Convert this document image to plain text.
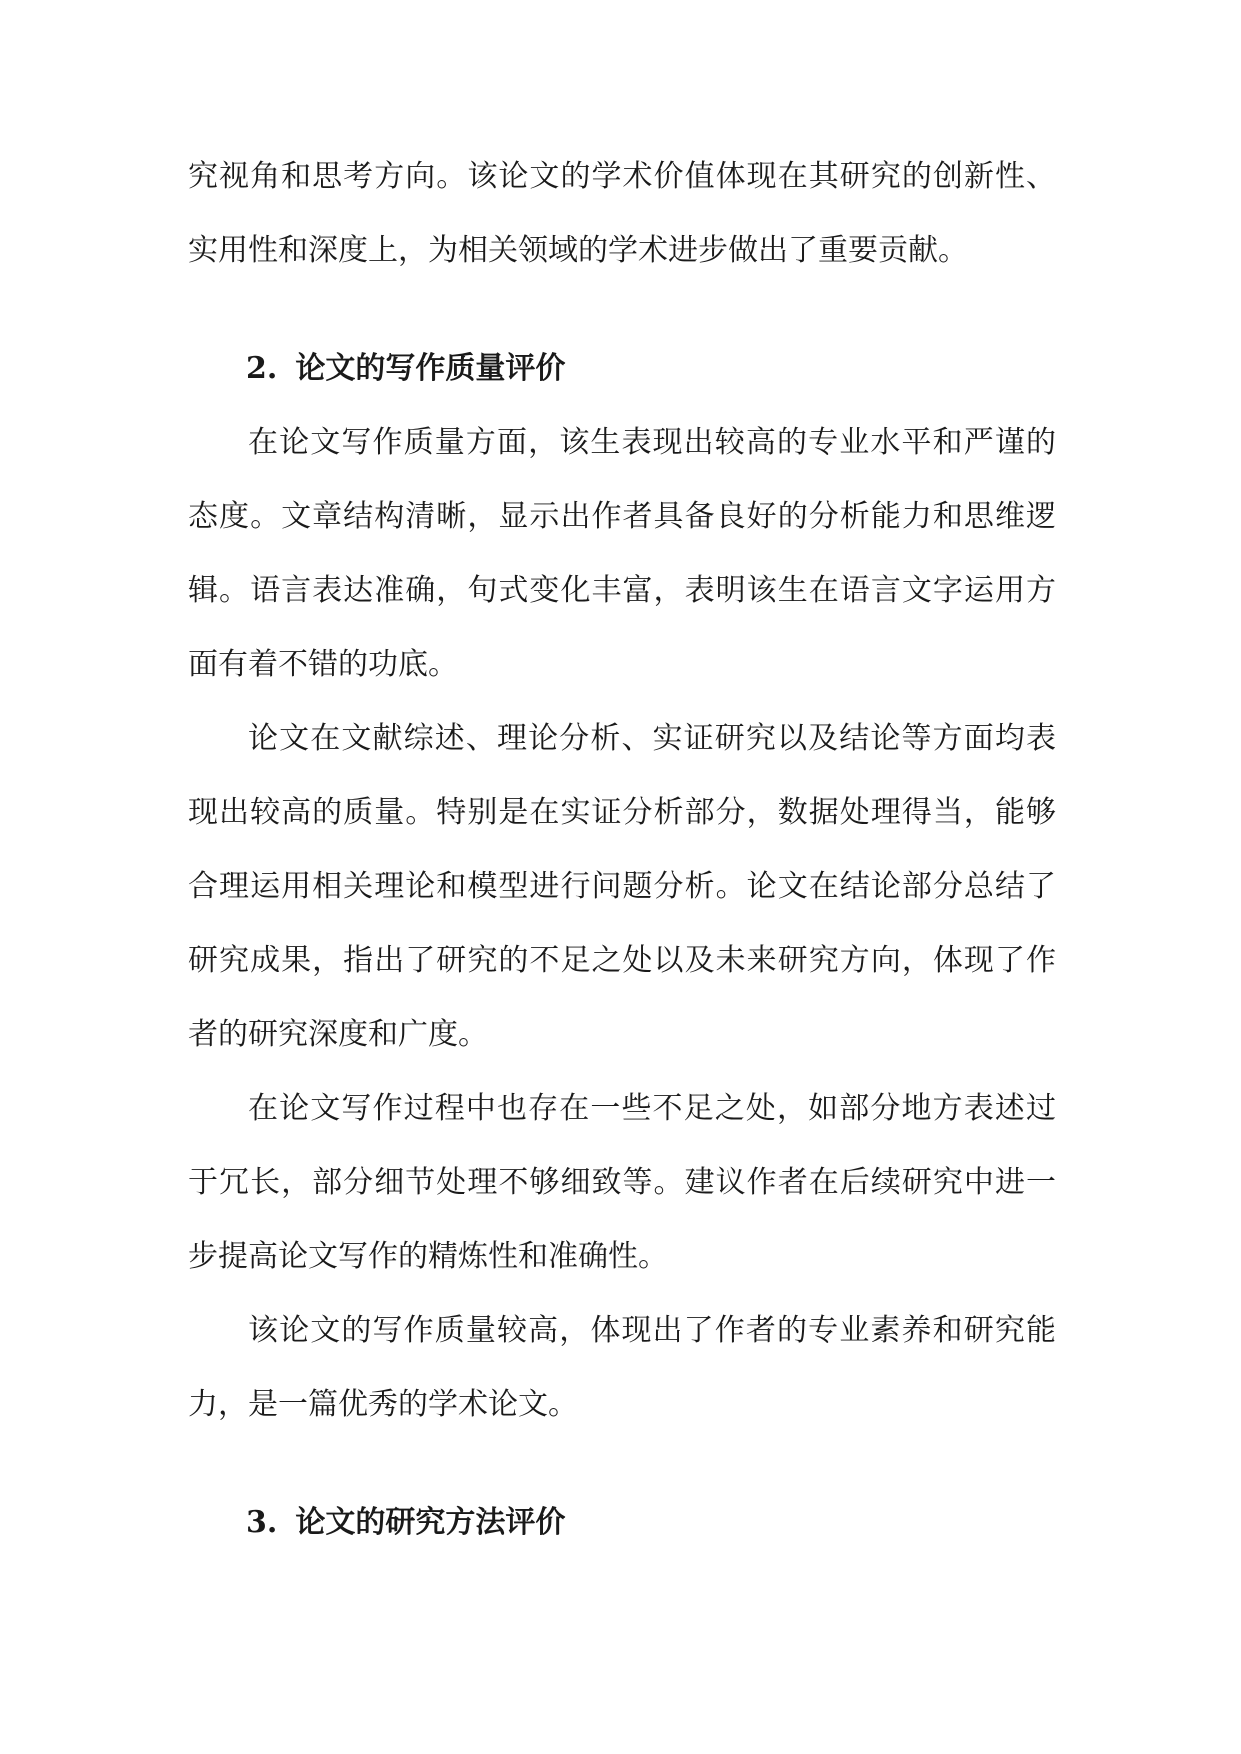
究视角和思考方向。该论文的学术价值体现在其研究的创新性、实用性和深度上，为相关领域的学术进步做出了重要贡献。

2. 论文的写作质量评价

在论文写作质量方面，该生表现出较高的专业水平和严谨的态度。文章结构清晰，显示出作者具备良好的分析能力和思维逻辑。语言表达准确，句式变化丰富，表明该生在语言文字运用方面有着不错的功底。

论文在文献综述、理论分析、实证研究以及结论等方面均表现出较高的质量。特别是在实证分析部分，数据处理得当，能够合理运用相关理论和模型进行问题分析。论文在结论部分总结了研究成果，指出了研究的不足之处以及未来研究方向，体现了作者的研究深度和广度。

在论文写作过程中也存在一些不足之处，如部分地方表述过于冗长，部分细节处理不够细致等。建议作者在后续研究中进一步提高论文写作的精炼性和准确性。

该论文的写作质量较高，体现出了作者的专业素养和研究能力，是一篇优秀的学术论文。

3. 论文的研究方法评价
